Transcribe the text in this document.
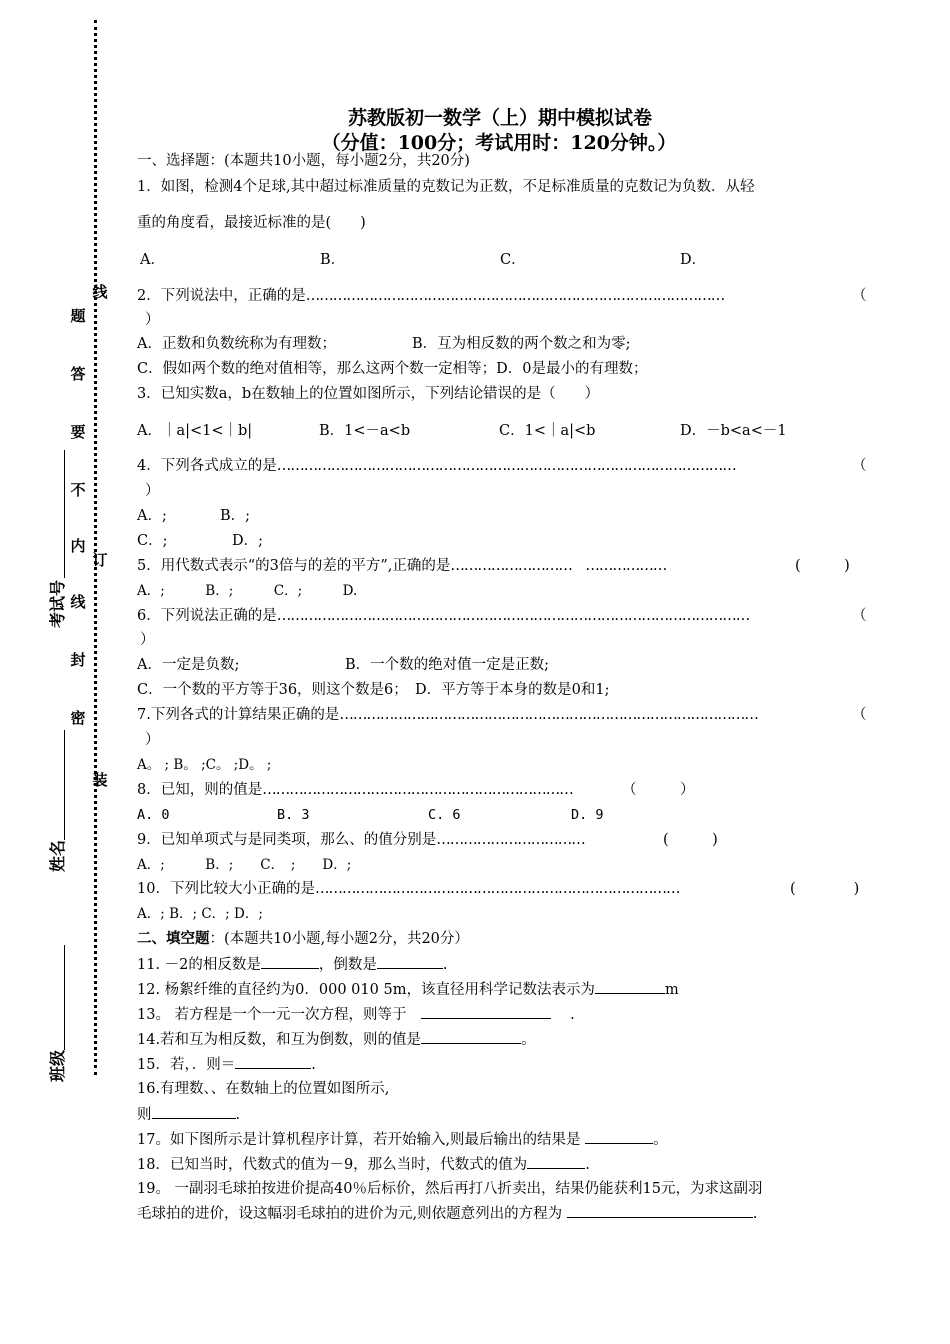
线
题
答
要
不
内
订
线
封
密
装
考试号
姓名
班级
苏教版初一数学（上）期中模拟试卷
（分值：100分；考试用时：120分钟。）
一、选择题：(本题共10小题，每小题2分，共20分)
1．如图，检测4个足球,其中超过标准质量的克数记为正数，不足标准质量的克数记为负数．从轻
重的角度看，最接近标准的是(　　)
A．	B．	C．	D．
2．下列说法中，正确的是…………………………………………………………………………………	（
）
A．正数和负数统称为有理数；	B．互为相反数的两个数之和为零;
C．假如两个数的绝对值相等，那么这两个数一定相等；D．0是最小的有理数；
3．已知实数a，b在数轴上的位置如图所示，下列结论错误的是（　　）
A．｜a|<1<｜b|	B．1<－a<b	C．1<｜a|<b	D．－b<a<－1
4．下列各式成立的是…………………………………………………………………………………………	（
）
A．;	B．;
C．;	D．;
5．用代数式表示“的3倍与的差的平方”,正确的是………………………　………………	(　　　)
A．;　　　B．;　　　C．;　　　D.
6．下列说法正确的是……………………………………………………………………………………………	（
）
A．一定是负数;	B．一个数的绝对值一定是正数;
C．一个数的平方等于36，则这个数是6；　D．平方等于本身的数是0和1;
7.下列各式的计算结果正确的是…………………………………………………………………………………	（
）
A。 ; B。 ;C。 ;D。 ;
8．已知，则的值是……………………………………………………………	（　　　）
A. 0	B. 3	C. 6	D. 9
9．已知单项式与是同类项，那么、的值分别是……………………………	(　　　)
A．;　　　B．;　　C．　;　　D．;
10．下列比较大小正确的是………………………………………………………………………	(　　　　)
A．; B．; C．; D．;
二、填空题：(本题共10小题,每小题2分，共20分）
11. －2的相反数是	，倒数是	.
12. 杨絮纤维的直径约为0．000 010 5m，该直径用科学记数法表示为	m
13。 若方程是一个一元一次方程，则等于　　	.
14.若和互为相反数，和互为倒数，则的值是	。
15．若，．则＝	.
16.有理数、、在数轴上的位置如图所示,
则	.
17。如下图所示是计算机程序计算，若开始输入,则最后输出的结果是	。
18．已知当时，代数式的值为－9，那么当时，代数式的值为	.
19。 一副羽毛球拍按进价提高40％后标价，然后再打八折卖出，结果仍能获利15元，为求这副羽
毛球拍的进价，设这幅羽毛球拍的进价为元,则依题意列出的方程为	.
